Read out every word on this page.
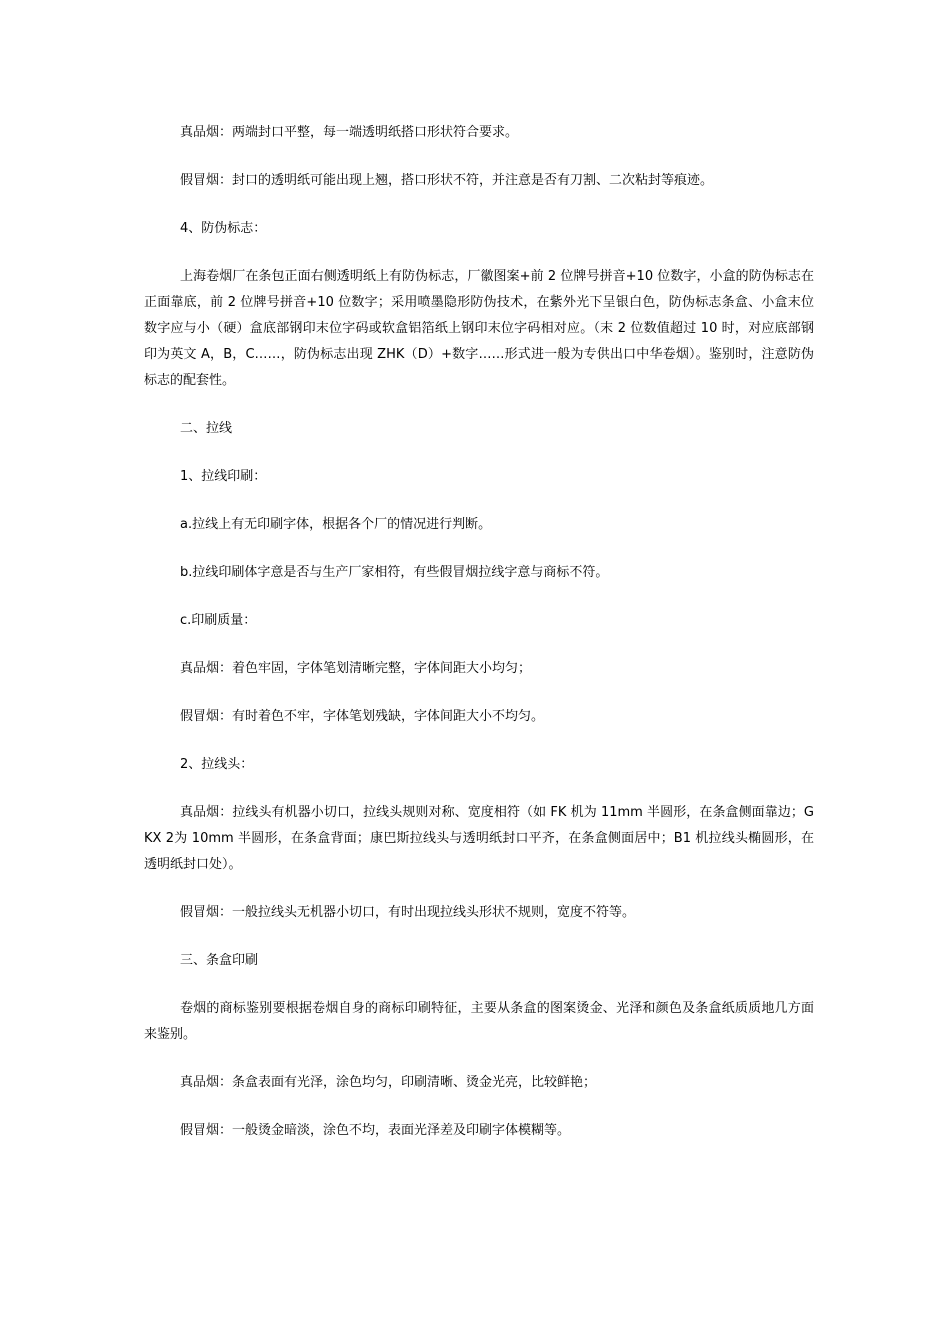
真品烟：两端封口平整，每一端透明纸搭口形状符合要求。

假冒烟：封口的透明纸可能出现上翘，搭口形状不符，并注意是否有刀割、二次粘封等痕迹。

4、防伪标志：

上海卷烟厂在条包正面右侧透明纸上有防伪标志，厂徽图案+前 2 位牌号拼音+10 位数字，小盒的防伪标志在正面靠底，前 2 位牌号拼音+10 位数字；采用喷墨隐形防伪技术，在紫外光下呈银白色，防伪标志条盒、小盒末位数字应与小（硬）盒底部钢印末位字码或软盒铝箔纸上钢印末位字码相对应。（末 2 位数值超过 10 时，对应底部钢印为英文 A，B，C……，防伪标志出现 ZHK（D）+数字……形式进一般为专供出口中华卷烟）。鉴别时，注意防伪标志的配套性。

二、拉线

1、拉线印刷：

a.拉线上有无印刷字体，根据各个厂的情况进行判断。

b.拉线印刷体字意是否与生产厂家相符，有些假冒烟拉线字意与商标不符。

c.印刷质量：

真品烟：着色牢固，字体笔划清晰完整，字体间距大小均匀；

假冒烟：有时着色不牢，字体笔划残缺，字体间距大小不均匀。

2、拉线头：

真品烟：拉线头有机器小切口，拉线头规则对称、宽度相符（如 FK 机为 11mm 半圆形，在条盒侧面靠边；GKX 2为 10mm 半圆形，在条盒背面；康巴斯拉线头与透明纸封口平齐，在条盒侧面居中；B1 机拉线头椭圆形，在透明纸封口处）。

假冒烟：一般拉线头无机器小切口，有时出现拉线头形状不规则，宽度不符等。

三、条盒印刷

卷烟的商标鉴别要根据卷烟自身的商标印刷特征，主要从条盒的图案烫金、光泽和颜色及条盒纸质质地几方面来鉴别。

真品烟：条盒表面有光泽，涂色均匀，印刷清晰、烫金光亮，比较鲜艳；

假冒烟：一般烫金暗淡，涂色不均，表面光泽差及印刷字体模糊等。
